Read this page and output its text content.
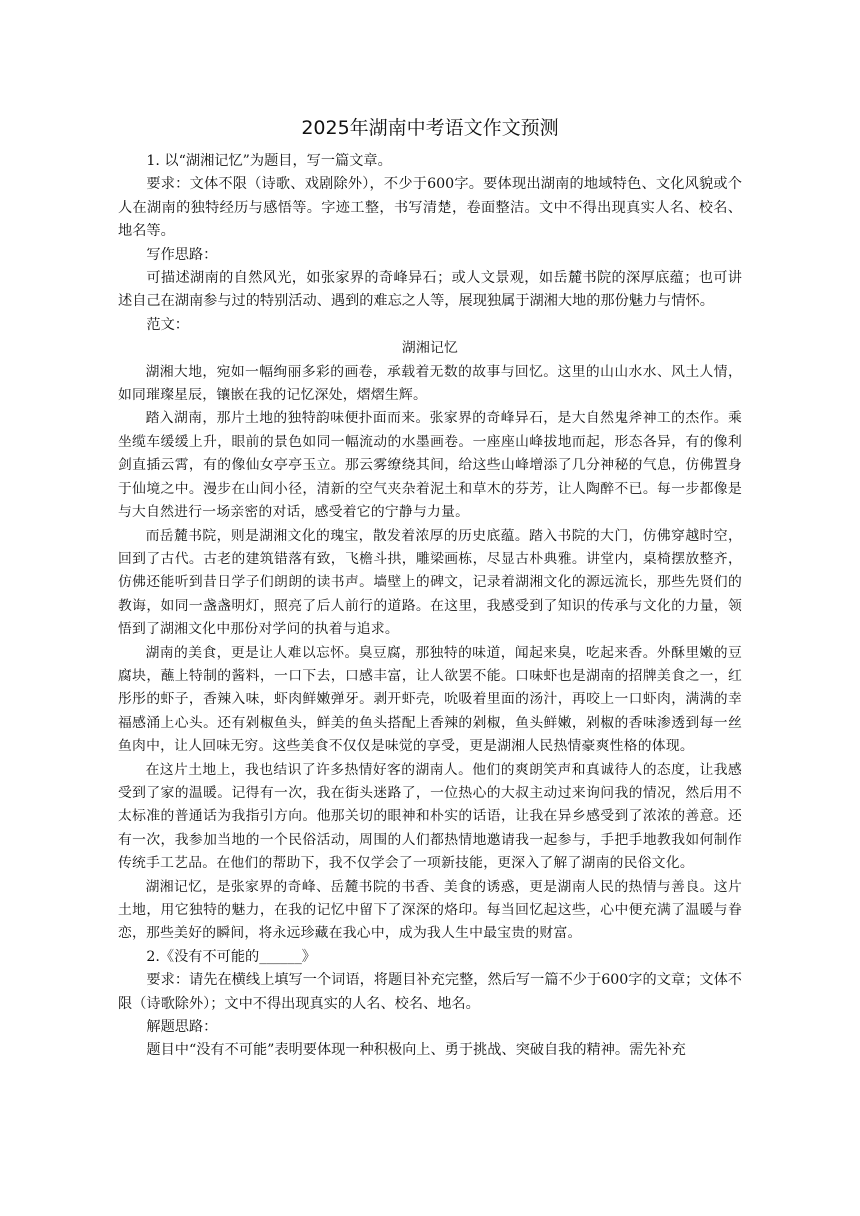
2025年湖南中考语文作文预测

1. 以“湖湘记忆”为题目，写一篇文章。

要求：文体不限（诗歌、戏剧除外），不少于600字。要体现出湖南的地域特色、文化风貌或个人在湖南的独特经历与感悟等。字迹工整，书写清楚，卷面整洁。文中不得出现真实人名、校名、地名等。

写作思路：

可描述湖南的自然风光，如张家界的奇峰异石；或人文景观，如岳麓书院的深厚底蕴；也可讲述自己在湖南参与过的特别活动、遇到的难忘之人等，展现独属于湖湘大地的那份魅力与情怀。

范文：

湖湘记忆

湖湘大地，宛如一幅绚丽多彩的画卷，承载着无数的故事与回忆。这里的山山水水、风土人情，如同璀璨星辰，镶嵌在我的记忆深处，熠熠生辉。

踏入湖南，那片土地的独特韵味便扑面而来。张家界的奇峰异石，是大自然鬼斧神工的杰作。乘坐缆车缓缓上升，眼前的景色如同一幅流动的水墨画卷。一座座山峰拔地而起，形态各异，有的像利剑直插云霄，有的像仙女亭亭玉立。那云雾缭绕其间，给这些山峰增添了几分神秘的气息，仿佛置身于仙境之中。漫步在山间小径，清新的空气夹杂着泥土和草木的芬芳，让人陶醉不已。每一步都像是与大自然进行一场亲密的对话，感受着它的宁静与力量。

而岳麓书院，则是湖湘文化的瑰宝，散发着浓厚的历史底蕴。踏入书院的大门，仿佛穿越时空，回到了古代。古老的建筑错落有致，飞檐斗拱，雕梁画栋，尽显古朴典雅。讲堂内，桌椅摆放整齐，仿佛还能听到昔日学子们朗朗的读书声。墙壁上的碑文，记录着湖湘文化的源远流长，那些先贤们的教诲，如同一盏盏明灯，照亮了后人前行的道路。在这里，我感受到了知识的传承与文化的力量，领悟到了湖湘文化中那份对学问的执着与追求。

湖南的美食，更是让人难以忘怀。臭豆腐，那独特的味道，闻起来臭，吃起来香。外酥里嫩的豆腐块，蘸上特制的酱料，一口下去，口感丰富，让人欲罢不能。口味虾也是湖南的招牌美食之一，红彤彤的虾子，香辣入味，虾肉鲜嫩弹牙。剥开虾壳，吮吸着里面的汤汁，再咬上一口虾肉，满满的幸福感涌上心头。还有剁椒鱼头，鲜美的鱼头搭配上香辣的剁椒，鱼头鲜嫩，剁椒的香味渗透到每一丝鱼肉中，让人回味无穷。这些美食不仅仅是味觉的享受，更是湖湘人民热情豪爽性格的体现。

在这片土地上，我也结识了许多热情好客的湖南人。他们的爽朗笑声和真诚待人的态度，让我感受到了家的温暖。记得有一次，我在街头迷路了，一位热心的大叔主动过来询问我的情况，然后用不太标准的普通话为我指引方向。他那关切的眼神和朴实的话语，让我在异乡感受到了浓浓的善意。还有一次，我参加当地的一个民俗活动，周围的人们都热情地邀请我一起参与，手把手地教我如何制作传统手工艺品。在他们的帮助下，我不仅学会了一项新技能，更深入了解了湖南的民俗文化。

湖湘记忆，是张家界的奇峰、岳麓书院的书香、美食的诱惑，更是湖南人民的热情与善良。这片土地，用它独特的魅力，在我的记忆中留下了深深的烙印。每当回忆起这些，心中便充满了温暖与眷恋，那些美好的瞬间，将永远珍藏在我心中，成为我人生中最宝贵的财富。

2.《没有不可能的______》

要求：请先在横线上填写一个词语，将题目补充完整，然后写一篇不少于600字的文章；文体不限（诗歌除外）；文中不得出现真实的人名、校名、地名。

解题思路：

题目中“没有不可能”表明要体现一种积极向上、勇于挑战、突破自我的精神。需先补充
